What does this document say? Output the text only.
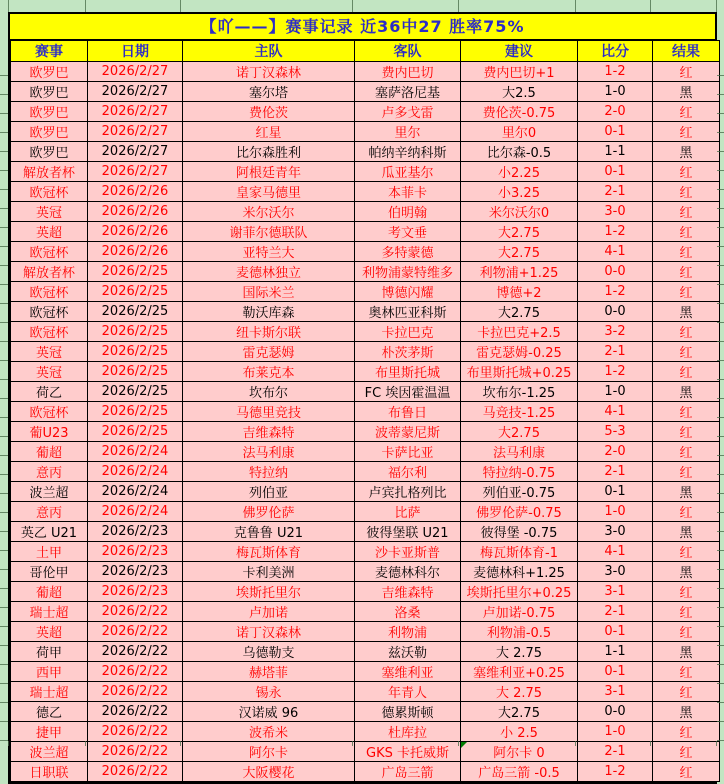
【吖——】赛事记录 近36中27 胜率75%
赛事	日期	主队	客队	建议	比分	结果
欧罗巴	2026/2/27	诺丁汉森林	费内巴切	费内巴切+1	1-2	红
欧罗巴	2026/2/27	塞尔塔	塞萨洛尼基	大2.5	1-0	黑
欧罗巴	2026/2/27	费伦茨	卢多戈雷	费伦茨-0.75	2-0	红
欧罗巴	2026/2/27	红星	里尔	里尔0	0-1	红
欧罗巴	2026/2/27	比尔森胜利	帕纳辛纳科斯	比尔森-0.5	1-1	黑
解放者杯	2026/2/27	阿根廷青年	瓜亚基尔	小2.25	0-1	红
欧冠杯	2026/2/26	皇家马德里	本菲卡	小3.25	2-1	红
英冠	2026/2/26	米尔沃尔	伯明翰	米尔沃尔0	3-0	红
英超	2026/2/26	谢菲尔德联队	考文垂	大2.75	1-2	红
欧冠杯	2026/2/26	亚特兰大	多特蒙德	大2.75	4-1	红
解放者杯	2026/2/25	麦德林独立	利物浦蒙特维多	利物浦+1.25	0-0	红
欧冠杯	2026/2/25	国际米兰	博德闪耀	博德+2	1-2	红
欧冠杯	2026/2/25	勒沃库森	奥林匹亚科斯	大2.75	0-0	黑
欧冠杯	2026/2/25	纽卡斯尔联	卡拉巴克	卡拉巴克+2.5	3-2	红
英冠	2026/2/25	雷克瑟姆	朴茨茅斯	雷克瑟姆-0.25	2-1	红
英冠	2026/2/25	布莱克本	布里斯托城	布里斯托城+0.25	1-2	红
荷乙	2026/2/25	坎布尔	FC 埃因霍温温	坎布尔-1.25	1-0	黑
欧冠杯	2026/2/25	马德里竞技	布鲁日	马竞技-1.25	4-1	红
葡U23	2026/2/25	吉维森特	波蒂蒙尼斯	大2.75	5-3	红
葡超	2026/2/24	法马利康	卡萨比亚	法马利康	2-0	红
意丙	2026/2/24	特拉纳	福尔利	特拉纳-0.75	2-1	红
波兰超	2026/2/24	列伯亚	卢宾扎格列比	列伯亚-0.75	0-1	黑
意丙	2026/2/24	佛罗伦萨	比萨	佛罗伦萨-0.75	1-0	红
英乙 U21	2026/2/23	克鲁鲁 U21	彼得堡联 U21	彼得堡 -0.75	3-0	黑
土甲	2026/2/23	梅瓦斯体育	沙卡亚斯普	梅瓦斯体育-1	4-1	红
哥伦甲	2026/2/23	卡利美洲	麦德林科尔	麦德林科+1.25	3-0	黑
葡超	2026/2/23	埃斯托里尔	吉维森特	埃斯托里尔+0.25	3-1	红
瑞士超	2026/2/22	卢加诺	洛桑	卢加诺-0.75	2-1	红
英超	2026/2/22	诺丁汉森林	利物浦	利物浦-0.5	0-1	红
荷甲	2026/2/22	乌德勒支	兹沃勒	大 2.75	1-1	黑
西甲	2026/2/22	赫塔菲	塞维利亚	塞维利亚+0.25	0-1	红
瑞士超	2026/2/22	锡永	年青人	大 2.75	3-1	红
德乙	2026/2/22	汉诺威 96	德累斯顿	大2.75	0-0	黑
捷甲	2026/2/22	波希米	杜库拉	小 2.5	1-0	红
波兰超	2026/2/22	阿尔卡	GKS 卡托威斯	阿尔卡 0	2-1	红
日职联	2026/2/22	大阪樱花	广岛三箭	广岛三箭 -0.5	1-2	红
